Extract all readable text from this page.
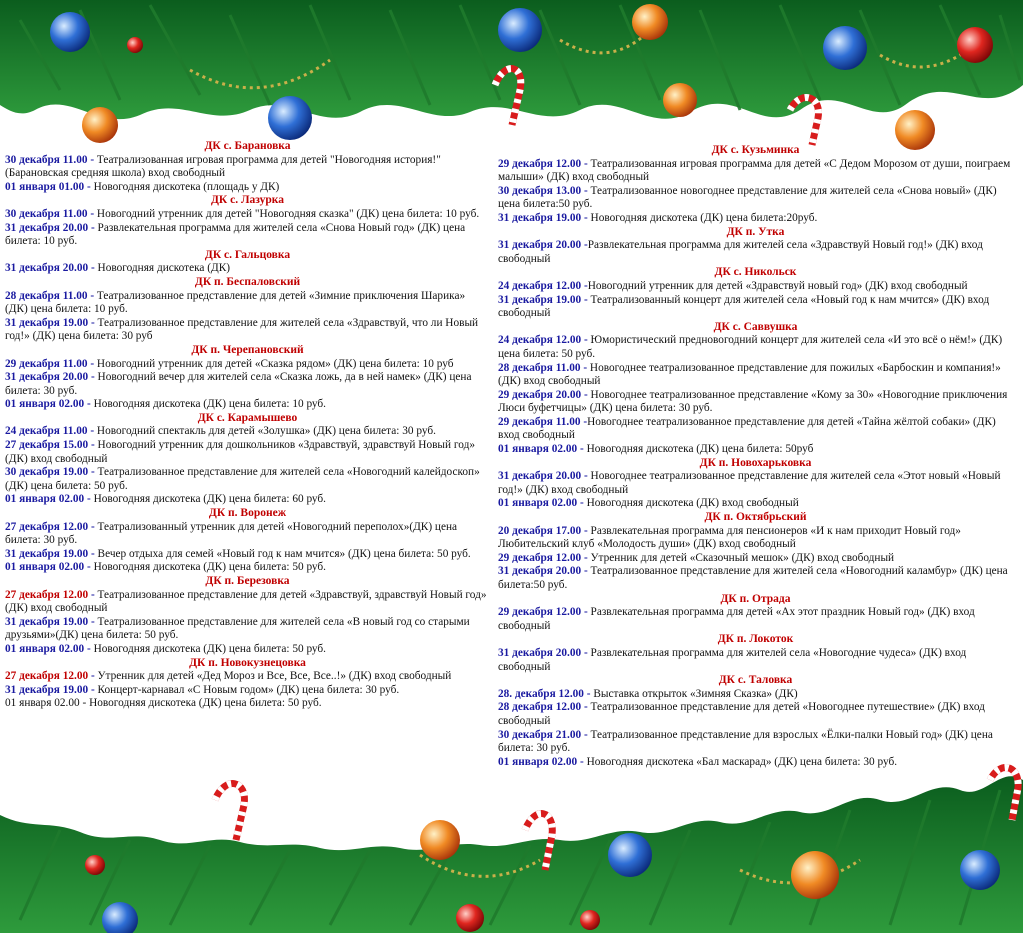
ДК с. Барановка
30 декабря 11.00 - Театрализованная игровая программа для детей "Новогодняя история!" (Барановская средняя школа) вход свободный
01 января 01.00 - Новогодняя дискотека (площадь у ДК)
ДК с. Лазурка
30 декабря 11.00 - Новогодний утренник для детей "Новогодняя сказка" (ДК) цена билета: 10 руб.
31 декабря 20.00 - Развлекательная программа для жителей села «Снова Новый год» (ДК) цена билета: 10 руб.
ДК с. Гальцовка
31 декабря 20.00 - Новогодняя дискотека (ДК)
ДК п. Беспаловский
28 декабря 11.00 - Театрализованное представление для детей «Зимние приключения Шарика» (ДК) цена билета: 10 руб.
31 декабря 19.00 - Театрализованное представление для жителей села «Здравствуй, что ли Новый год!» (ДК) цена билета: 30 руб
ДК п. Черепановский
29 декабря 11.00 - Новогодний утренник для детей «Сказка рядом» (ДК) цена билета: 10 руб
31 декабря 20.00 - Новогодний вечер для жителей села «Сказка ложь, да в ней намек» (ДК) цена билета: 30 руб.
01 января 02.00 - Новогодняя дискотека (ДК) цена билета: 10 руб.
ДК с. Карамышево
24 декабря 11.00 - Новогодний спектакль для детей «Золушка» (ДК) цена билета: 30 руб.
27 декабря 15.00 - Новогодний утренник для дошкольников «Здравствуй, здравствуй Новый год» (ДК) вход свободный
30 декабря 19.00 - Театрализованное представление для жителей села «Новогодний калейдоскоп» (ДК) цена билета: 50 руб.
01 января 02.00 - Новогодняя дискотека (ДК) цена билета: 60 руб.
ДК п. Воронеж
27 декабря 12.00 - Театрализованный утренник для детей «Новогодний переполох»(ДК) цена билета: 30 руб.
31 декабря 19.00 - Вечер отдыха для семей «Новый год к нам мчится» (ДК) цена билета: 50 руб.
01 января 02.00 - Новогодняя дискотека (ДК) цена билета: 50 руб.
ДК п. Березовка
27 декабря 12.00 - Театрализованное представление для детей «Здравствуй, здравствуй Новый год» (ДК) вход свободный
31 декабря 19.00 - Театрализованное представление для жителей села «В новый год со старыми друзьями»(ДК) цена билета: 50 руб.
01 января 02.00 - Новогодняя дискотека (ДК) цена билета: 50 руб.
ДК п. Новокузнецовка
27 декабря 12.00 - Утренник для детей «Дед Мороз и Все, Все, Все..!» (ДК) вход свободный
31 декабря 19.00 - Концерт-карнавал «С Новым годом» (ДК) цена билета: 30 руб.
01 января 02.00 - Новогодняя дискотека (ДК) цена билета: 50 руб.
ДК с. Кузьминка
29 декабря 12.00 - Театрализованная игровая программа для детей «С Дедом Морозом от души, поиграем малыши» (ДК) вход свободный
30 декабря 13.00 - Театрализованное новогоднее представление для жителей села «Снова новый» (ДК) цена билета:50 руб.
31 декабря 19.00 - Новогодняя дискотека (ДК) цена билета:20руб.
ДК п. Утка
31 декабря 20.00 -Развлекательная программа для жителей села «Здравствуй Новый год!» (ДК) вход свободный
ДК с. Никольск
24 декабря 12.00 -Новогодний утренник для детей «Здравствуй новый год» (ДК) вход свободный
31 декабря 19.00 - Театрализованный концерт для жителей села «Новый год к нам мчится» (ДК) вход свободный
ДК с. Саввушка
24 декабря 12.00 - Юмористический предновогодний концерт для жителей села «И это всё о нём!» (ДК) цена билета: 50 руб.
28 декабря 11.00 - Новогоднее театрализованное представление для пожилых «Барбоскин и компания!» (ДК) вход свободный
29 декабря 20.00 - Новогоднее театрализованное представление «Кому за 30» «Новогодние приключения Люси буфетчицы» (ДК) цена билета: 30 руб.
29 декабря 11.00 -Новогоднее театрализованное представление для детей «Тайна жёлтой собаки» (ДК) вход свободный
01 января 02.00 - Новогодняя дискотека (ДК) цена билета: 50руб
ДК п. Новохарьковка
31 декабря 20.00 - Новогоднее театрализованное представление для жителей села «Этот новый «Новый год!» (ДК) вход свободный
01 января 02.00 - Новогодняя дискотека (ДК) вход свободный
ДК п. Октябрьский
20 декабря 17.00 - Развлекательная программа для пенсионеров «И к нам приходит Новый год» Любительский клуб «Молодость души» (ДК) вход свободный
29 декабря 12.00 - Утренник для детей «Сказочный мешок» (ДК) вход свободный
31 декабря 20.00 - Театрализованное представление для жителей села «Новогодний каламбур» (ДК) цена билета:50 руб.
ДК п. Отрада
29 декабря 12.00 - Развлекательная программа для детей «Ах этот праздник Новый год» (ДК) вход свободный
ДК п. Локоток
31 декабря 20.00 - Развлекательная программа для жителей села «Новогодние чудеса» (ДК) вход свободный
ДК с. Таловка
28. декабря 12.00 - Выставка открыток «Зимняя Сказка» (ДК)
28 декабря 12.00 - Театрализованное представление для детей «Новогоднее путешествие» (ДК) вход свободный
30 декабря 21.00 - Театрализованное представление для взрослых «Ёлки-палки Новый год» (ДК) цена билета: 30 руб.
01 января 02.00 - Новогодняя дискотека «Бал маскарад» (ДК) цена билета: 30 руб.
